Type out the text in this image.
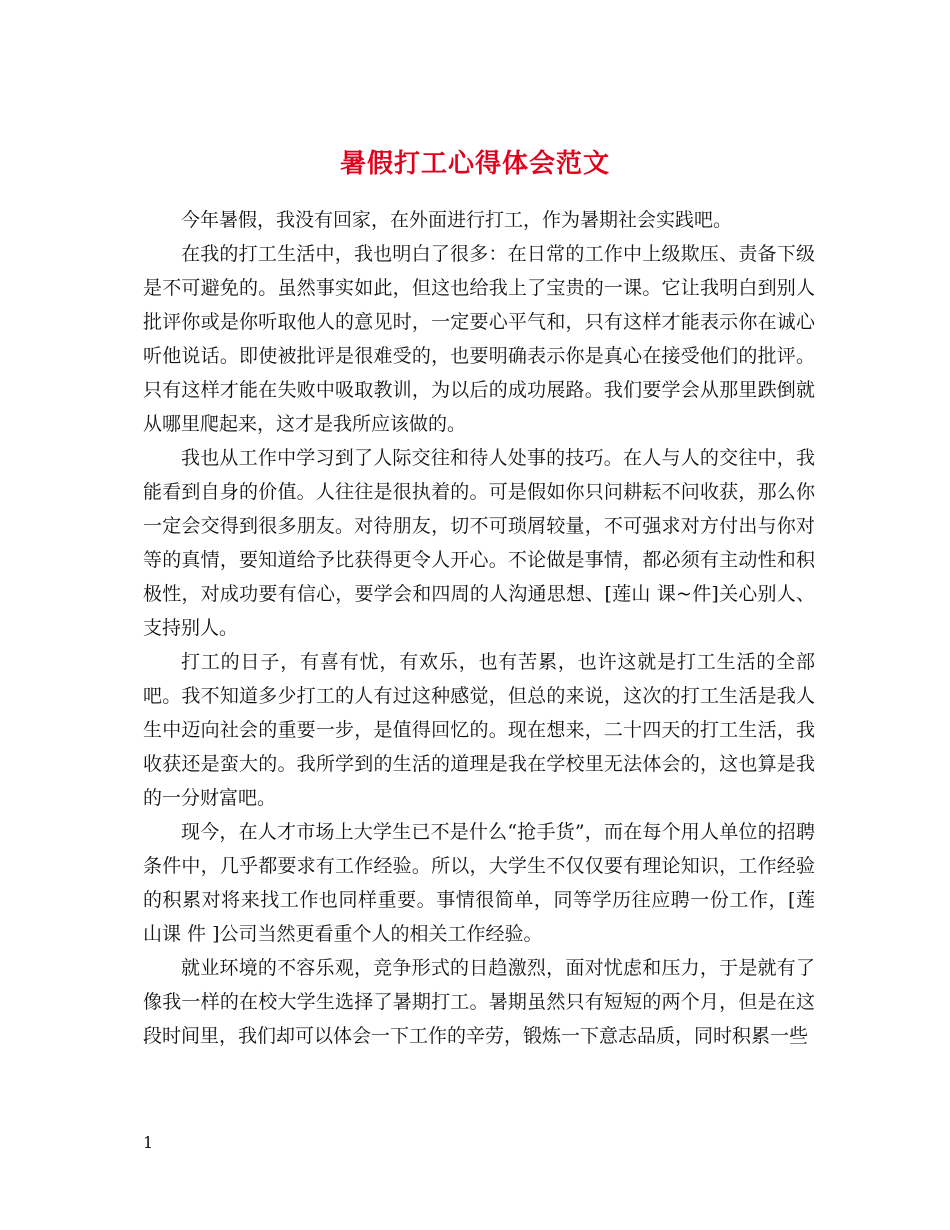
暑假打工心得体会范文

今年暑假，我没有回家，在外面进行打工，作为暑期社会实践吧。

在我的打工生活中，我也明白了很多：在日常的工作中上级欺压、责备下级是不可避免的。虽然事实如此，但这也给我上了宝贵的一课。它让我明白到别人批评你或是你听取他人的意见时，一定要心平气和，只有这样才能表示你在诚心听他说话。即使被批评是很难受的，也要明确表示你是真心在接受他们的批评。只有这样才能在失败中吸取教训，为以后的成功展路。我们要学会从那里跌倒就从哪里爬起来，这才是我所应该做的。

我也从工作中学习到了人际交往和待人处事的技巧。在人与人的交往中，我能看到自身的价值。人往往是很执着的。可是假如你只问耕耘不问收获，那么你一定会交得到很多朋友。对待朋友，切不可琐屑较量，不可强求对方付出与你对等的真情，要知道给予比获得更令人开心。不论做是事情，都必须有主动性和积极性，对成功要有信心，要学会和四周的人沟通思想、[莲山 课~件]关心别人、支持别人。

打工的日子，有喜有忧，有欢乐，也有苦累，也许这就是打工生活的全部吧。我不知道多少打工的人有过这种感觉，但总的来说，这次的打工生活是我人生中迈向社会的重要一步，是值得回忆的。现在想来，二十四天的打工生活，我收获还是蛮大的。我所学到的生活的道理是我在学校里无法体会的，这也算是我的一分财富吧。

现今，在人才市场上大学生已不是什么“抢手货”，而在每个用人单位的招聘条件中，几乎都要求有工作经验。所以，大学生不仅仅要有理论知识，工作经验的积累对将来找工作也同样重要。事情很简单，同等学历往应聘一份工作，[莲山课 件 ]公司当然更看重个人的相关工作经验。

就业环境的不容乐观，竞争形式的日趋激烈，面对忧虑和压力，于是就有了像我一样的在校大学生选择了暑期打工。暑期虽然只有短短的两个月，但是在这段时间里，我们却可以体会一下工作的辛劳，锻炼一下意志品质，同时积累一些

1
